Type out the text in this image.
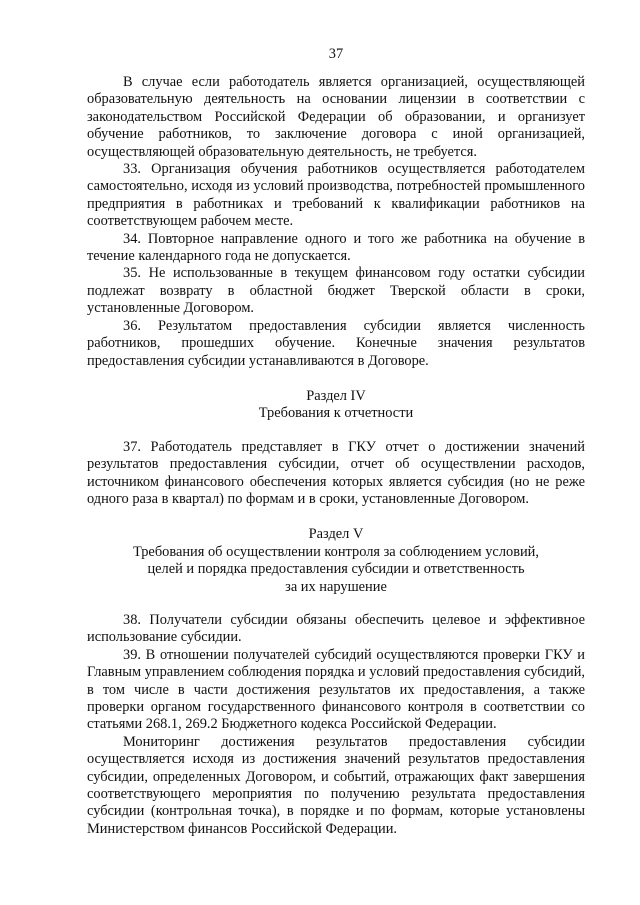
37

В случае если работодатель является организацией, осуществляющей образовательную деятельность на основании лицензии в соответствии с законодательством Российской Федерации об образовании, и организует обучение работников, то заключение договора с иной организацией, осуществляющей образовательную деятельность, не требуется.

33. Организация обучения работников осуществляется работодателем самостоятельно, исходя из условий производства, потребностей промышленного предприятия в работниках и требований к квалификации работников на соответствующем рабочем месте.

34. Повторное направление одного и того же работника на обучение в течение календарного года не допускается.

35. Не использованные в текущем финансовом году остатки субсидии подлежат возврату в областной бюджет Тверской области в сроки, установленные Договором.

36. Результатом предоставления субсидии является численность работников, прошедших обучение. Конечные значения результатов предоставления субсидии устанавливаются в Договоре.

Раздел IV

Требования к отчетности

37. Работодатель представляет в ГКУ отчет о достижении значений результатов предоставления субсидии, отчет об осуществлении расходов, источником финансового обеспечения которых является субсидия (но не реже одного раза в квартал) по формам и в сроки, установленные Договором.

Раздел V

Требования об осуществлении контроля за соблюдением условий,

целей и порядка предоставления субсидии и ответственность

за их нарушение

38. Получатели субсидии обязаны обеспечить целевое и эффективное использование субсидии.

39. В отношении получателей субсидий осуществляются проверки ГКУ и Главным управлением соблюдения порядка и условий предоставления субсидий, в том числе в части достижения результатов их предоставления, а также проверки органом государственного финансового контроля в соответствии со статьями 268.1, 269.2 Бюджетного кодекса Российской Федерации.

Мониторинг достижения результатов предоставления субсидии осуществляется исходя из достижения значений результатов предоставления субсидии, определенных Договором, и событий, отражающих факт завершения соответствующего мероприятия по получению результата предоставления субсидии (контрольная точка), в порядке и по формам, которые установлены Министерством финансов Российской Федерации.
